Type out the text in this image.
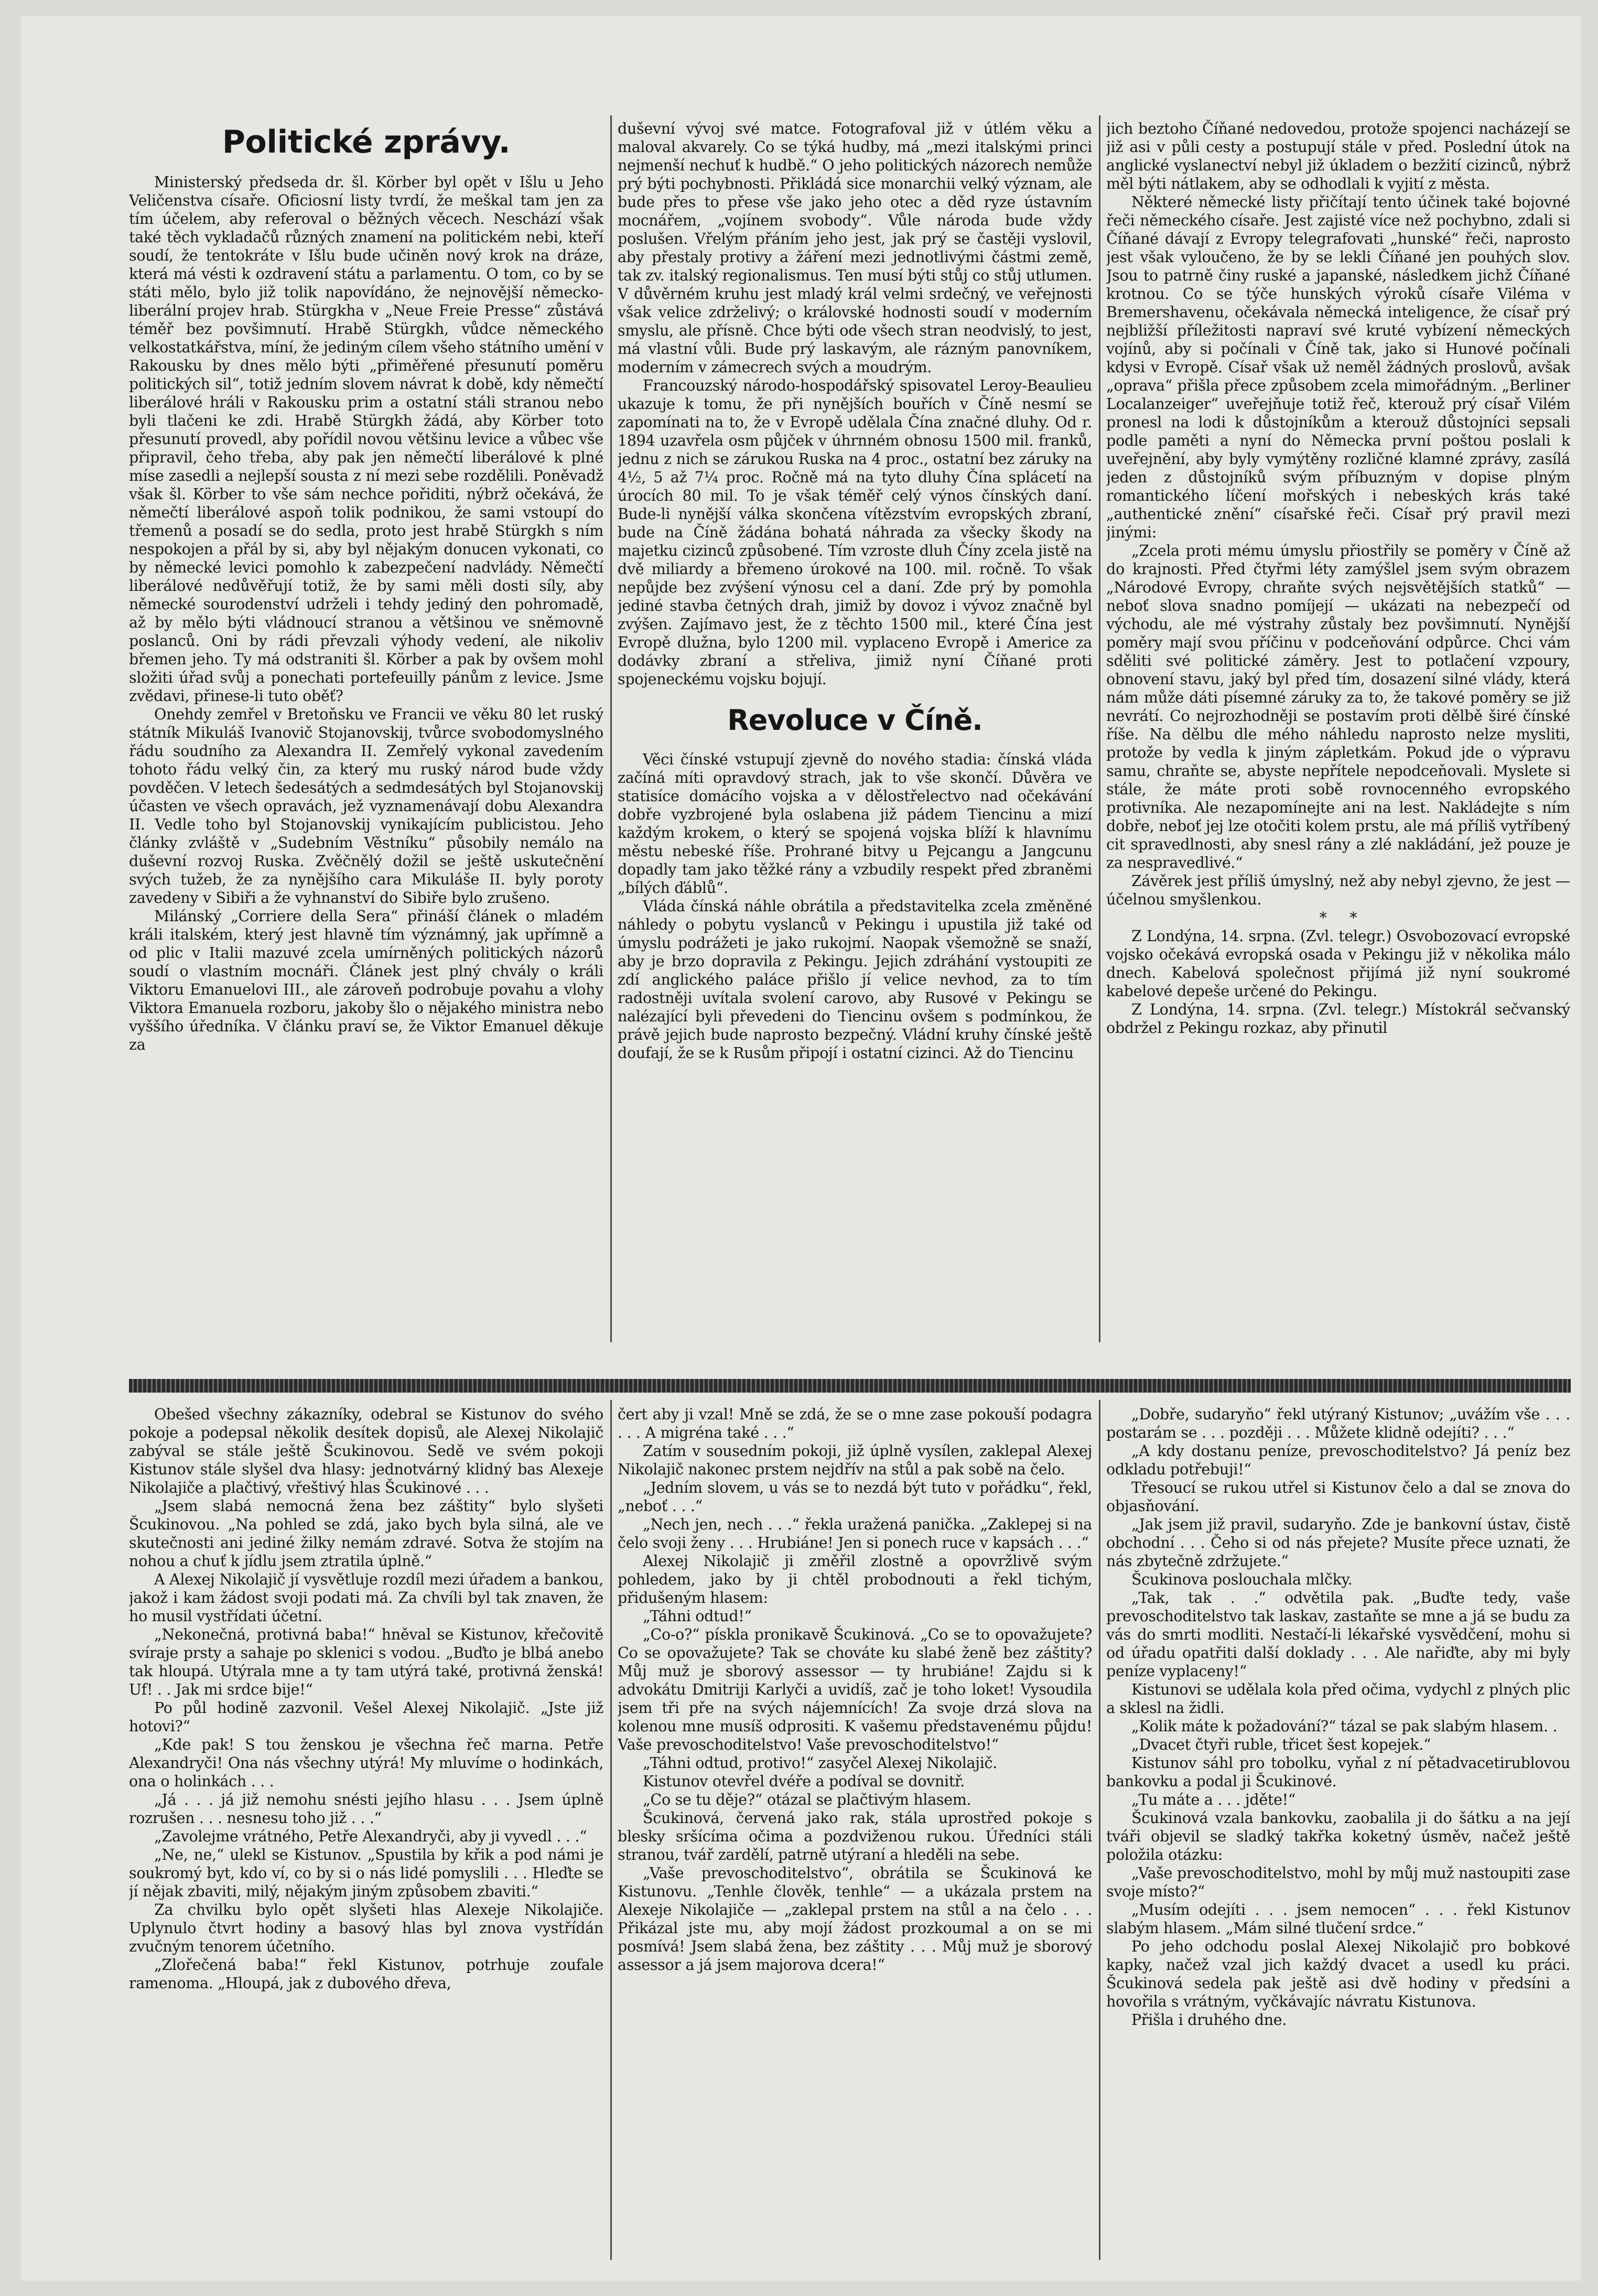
Politické zprávy.

Ministerský předseda dr. šl. Körber byl opět v Išlu u Jeho Veličenstva císaře. Oficiosní listy tvrdí, že meškal tam jen za tím účelem, aby referoval o běžných věcech. Neschází však také těch vykladačů různých znamení na politickém nebi, kteří soudí, že tentokráte v Išlu bude učiněn nový krok na dráze, která má vésti k ozdravení státu a parlamentu. O tom, co by se státi mělo, bylo již tolik napovídáno, že nejnovější německo-liberální projev hrab. Stürgkha v „Neue Freie Presse“ zůstává téměř bez povšimnutí. Hrabě Stürgkh, vůdce německého velkostatkářstva, míní, že jediným cílem všeho státního umění v Rakousku by dnes mělo býti „přiměřené přesunutí poměru politických sil“, totiž jedním slovem návrat k době, kdy němečtí liberálové hráli v Rakousku prim a ostatní stáli stranou nebo byli tlačeni ke zdi. Hrabě Stürgkh žádá, aby Körber toto přesunutí provedl, aby pořídil novou většinu levice a vůbec vše připravil, čeho třeba, aby pak jen němečtí liberálové k plné míse zasedli a nejlepší sousta z ní mezi sebe rozdělili. Poněvadž však šl. Körber to vše sám nechce pořiditi, nýbrž očekává, že němečtí liberálové aspoň tolik podnikou, že sami vstoupí do třemenů a posadí se do sedla, proto jest hrabě Stürgkh s ním nespokojen a přál by si, aby byl nějakým donucen vykonati, co by německé levici pomohlo k zabezpečení nadvlády. Němečtí liberálové nedůvěřují totiž, že by sami měli dosti síly, aby německé sourodenství udrželi i tehdy jediný den pohromadě, až by mělo býti vládnoucí stranou a většinou ve sněmovně poslanců. Oni by rádi převzali výhody vedení, ale nikoliv břemen jeho. Ty má odstraniti šl. Körber a pak by ovšem mohl složiti úřad svůj a ponechati portefeuilly pánům z levice. Jsme zvědavi, přinese-li tuto oběť?

Onehdy zemřel v Bretoňsku ve Francii ve věku 80 let ruský státník Mikuláš Ivanovič Stojanovskij, tvůrce svobodomyslného řádu soudního za Alexandra II. Zemřelý vykonal zavedením tohoto řádu velký čin, za který mu ruský národ bude vždy povděčen. V letech šedesátých a sedmdesátých byl Stojanovskij účasten ve všech opravách, jež vyznamenávají dobu Alexandra II. Vedle toho byl Stojanovskij vynikajícím publicistou. Jeho články zvláště v „Sudebním Věstníku“ působily nemálo na duševní rozvoj Ruska. Zvěčnělý dožil se ještě uskutečnění svých tužeb, že za nynějšího cara Mikuláše II. byly poroty zavedeny v Sibiři a že vyhnanství do Sibiře bylo zrušeno.

Milánský „Corriere della Sera“ přináší článek o mladém králi italském, který jest hlavně tím význámný, jak upřímně a od plic v Italii mazuvé zcela umírněných politických názorů soudí o vlastním mocnáři. Článek jest plný chvály o králi Viktoru Emanuelovi III., ale zároveň podrobuje povahu a vlohy Viktora Emanuela rozboru, jakoby šlo o nějakého ministra nebo vyššího úředníka. V článku praví se, že Viktor Emanuel děkuje za

duševní vývoj své matce. Fotografoval již v útlém věku a maloval akvarely. Co se týká hudby, má „mezi italskými princi nejmenší nechuť k hudbě.“ O jeho politických názorech nemůže prý býti pochybnosti. Přikládá sice monarchii velký význam, ale bude přes to přese vše jako jeho otec a děd ryze ústavním mocnářem, „vojínem svobody“. Vůle národa bude vždy poslušen. Vřelým přáním jeho jest, jak prý se častěji vyslovil, aby přestaly protivy a žáření mezi jednotlivými částmi země, tak zv. italský regionalismus. Ten musí býti stůj co stůj utlumen. V důvěrném kruhu jest mladý král velmi srdečný, ve veřejnosti však velice zdrželivý; o královské hodnosti soudí v moderním smyslu, ale přísně. Chce býti ode všech stran neodvislý, to jest, má vlastní vůli. Bude prý laskavým, ale rázným panovníkem, moderním v zámecrech svých a moudrým.

Francouzský národo-hospodářský spisovatel Leroy-Beaulieu ukazuje k tomu, že při nynějších bouřích v Číně nesmí se zapomínati na to, že v Evropě udělala Čína značné dluhy. Od r. 1894 uzavřela osm půjček v úhrnném obnosu 1500 mil. franků, jednu z nich se zárukou Ruska na 4 proc., ostatní bez záruky na 4½, 5 až 7¼ proc. Ročně má na tyto dluhy Čína splácetí na úrocích 80 mil. To je však téměř celý výnos čínských daní. Bude-li nynější válka skončena vítězstvím evropských zbraní, bude na Číně žádána bohatá náhrada za všecky škody na majetku cizinců způsobené. Tím vzroste dluh Číny zcela jistě na dvě miliardy a břemeno úrokové na 100. mil. ročně. To však nepůjde bez zvýšení výnosu cel a daní. Zde prý by pomohla jediné stavba četných drah, jimiž by dovoz i vývoz značně byl zvýšen. Zajímavo jest, že z těchto 1500 mil., které Čína jest Evropě dlužna, bylo 1200 mil. vyplaceno Evropě i Americe za dodávky zbraní a střeliva, jimiž nyní Číňané proti spojeneckému vojsku bojují.

Revoluce v Číně.

Věci čínské vstupují zjevně do nového stadia: čínská vláda začíná míti opravdový strach, jak to vše skončí. Důvěra ve statisíce domácího vojska a v dělostřelectvo nad očekávání dobře vyzbrojené byla oslabena již pádem Tiencinu a mizí každým krokem, o který se spojená vojska blíží k hlavnímu městu nebeské říše. Prohrané bitvy u Pejcangu a Jangcunu dopadly tam jako těžké rány a vzbudily respekt před zbraněmi „bílých ďáblů“.

Vláda čínská náhle obrátila a představitelka zcela změněné náhledy o pobytu vyslanců v Pekingu i upustila již také od úmyslu podrážeti je jako rukojmí. Naopak všemožně se snaží, aby je brzo dopravila z Pekingu. Jejich zdráhání vystoupiti ze zdí anglického paláce přišlo jí velice nevhod, za to tím radostněji uvítala svolení carovo, aby Rusové v Pekingu se nalézající byli převedeni do Tiencinu ovšem s podmínkou, že právě jejich bude naprosto bezpečný. Vládní kruhy čínské ještě doufají, že se k Rusům připojí i ostatní cizinci. Až do Tiencinu

jich beztoho Číňané nedovedou, protože spojenci nacházejí se již asi v půli cesty a postupují stále v před. Poslední útok na anglické vyslanectví nebyl již úkladem o bezžití cizinců, nýbrž měl býti nátlakem, aby se odhodlali k vyjití z města.

Některé německé listy přičítají tento účinek také bojovné řeči německého císaře. Jest zajisté více než pochybno, zdali si Číňané dávají z Evropy telegrafovati „hunské“ řeči, naprosto jest však vyloučeno, že by se lekli Číňané jen pouhých slov. Jsou to patrně činy ruské a japanské, následkem jichž Číňané krotnou. Co se týče hunských výroků císaře Viléma v Bremershavenu, očekávala německá inteligence, že císař prý nejbližší příležitosti napraví své kruté vybízení německých vojínů, aby si počínali v Číně tak, jako si Hunové počínali kdysi v Evropě. Císař však už neměl žádných proslovů, avšak „oprava“ přišla přece způsobem zcela mimořádným. „Berliner Localanzeiger“ uveřejňuje totiž řeč, kterouž prý císař Vilém pronesl na lodi k důstojníkům a kterouž důstojníci sepsali podle paměti a nyní do Německa první poštou poslali k uveřejnění, aby byly vymýtěny rozličné klamné zprávy, zasílá jeden z důstojníků svým příbuzným v dopise plným romantického líčení mořských i nebeských krás také „authentické znění“ císařské řeči. Císař prý pravil mezi jinými:

„Zcela proti mému úmyslu přiostřily se poměry v Číně až do krajnosti. Před čtyřmi léty zamýšlel jsem svým obrazem „Národové Evropy, chraňte svých nejsvětějších statků“ — neboť slova snadno pomíjejí — ukázati na nebezpečí od východu, ale mé výstrahy zůstaly bez povšimnutí. Nynější poměry mají svou příčinu v podceňování odpůrce. Chci vám sděliti své politické záměry. Jest to potlačení vzpoury, obnovení stavu, jaký byl před tím, dosazení silné vlády, která nám může dáti písemné záruky za to, že takové poměry se již nevrátí. Co nejrozhodněji se postavím proti dělbě širé čínské říše. Na dělbu dle mého náhledu naprosto nelze mysliti, protože by vedla k jiným zápletkám. Pokud jde o výpravu samu, chraňte se, abyste nepřítele nepodceňovali. Myslete si stále, že máte proti sobě rovnocenného evropského protivníka. Ale nezapomínejte ani na lest. Nakládejte s ním dobře, neboť jej lze otočiti kolem prstu, ale má příliš vytříbený cit spravedlnosti, aby snesl rány a zlé nakládání, jež pouze je za nespravedlivé.“

Závěrek jest příliš úmyslný, než aby nebyl zjevno, že jest — účelnou smyšlenkou.

*     *

Z Londýna, 14. srpna. (Zvl. telegr.) Osvobozovací evropské vojsko očekává evropská osada v Pekingu již v několika málo dnech. Kabelová společnost přijímá již nyní soukromé kabelové depeše určené do Pekingu.

Z Londýna, 14. srpna. (Zvl. telegr.) Místokrál sečvanský obdržel z Pekingu rozkaz, aby přinutil

Obešed všechny zákazníky, odebral se Kistunov do svého pokoje a podepsal několik desítek dopisů, ale Alexej Nikolajič zabýval se stále ještě Šcukinovou. Sedě ve svém pokoji Kistunov stále slyšel dva hlasy: jednotvárný klidný bas Alexeje Nikolajiče a plačtivý, vřeštivý hlas Šcukinové . . .

„Jsem slabá nemocná žena bez záštity“ bylo slyšeti Šcukinovou. „Na pohled se zdá, jako bych byla silná, ale ve skutečnosti ani jediné žilky nemám zdravé. Sotva že stojím na nohou a chuť k jídlu jsem ztratila úplně.“

A Alexej Nikolajič jí vysvětluje rozdíl mezi úřadem a bankou, jakož i kam žádost svoji podati má. Za chvíli byl tak znaven, že ho musil vystřídati účetní.

„Nekonečná, protivná baba!“ hněval se Kistunov, křečovitě svíraje prsty a sahaje po sklenici s vodou. „Buďto je blbá anebo tak hloupá. Utýrala mne a ty tam utýrá také, protivná ženská! Uf! . . Jak mi srdce bije!“

Po půl hodině zazvonil. Vešel Alexej Nikolajič. „Jste již hotovi?“

„Kde pak! S tou ženskou je všechna řeč marna. Petře Alexandryči! Ona nás všechny utýrá! My mluvíme o hodinkách, ona o holinkách . . .

„Já . . . já již nemohu snésti jejího hlasu . . . Jsem úplně rozrušen . . . nesnesu toho již . . .“

„Zavolejme vrátného, Petře Alexandryči, aby ji vyvedl . . .“

„Ne, ne,“ ulekl se Kistunov. „Spustila by křik a pod námi je soukromý byt, kdo ví, co by si o nás lidé pomyslili . . . Hleďte se jí nějak zbaviti, milý, nějakým jiným způsobem zbaviti.“

Za chvilku bylo opět slyšeti hlas Alexeje Nikolajiče. Uplynulo čtvrt hodiny a basový hlas byl znova vystřídán zvučným tenorem účetního.

„Zlořečená baba!“ řekl Kistunov, potrhuje zoufale ramenoma. „Hloupá, jak z dubového dřeva,

čert aby ji vzal! Mně se zdá, že se o mne zase pokouší podagra . . . A migréna také . . .“

Zatím v sousedním pokoji, již úplně vysílen, zaklepal Alexej Nikolajič nakonec prstem nejdřív na stůl a pak sobě na čelo.

„Jedním slovem, u vás se to nezdá být tuto v pořádku“, řekl, „neboť . . .“

„Nech jen, nech . . .“ řekla uražená panička. „Zaklepej si na čelo svoji ženy . . . Hrubiáne! Jen si ponech ruce v kapsách . . .“

Alexej Nikolajič ji změřil zlostně a opovržlivě svým pohledem, jako by ji chtěl probodnouti a řekl tichým, přidušeným hlasem:

„Táhni odtud!“

„Co-o?“ pískla pronikavě Šcukinová. „Co se to opovažujete? Co se opovažujete? Tak se chováte ku slabé ženě bez záštity? Můj muž je sborový assessor — ty hrubiáne! Zajdu si k advokátu Dmitriji Karlyči a uvidíš, zač je toho loket! Vysoudila jsem tři pře na svých nájemnících! Za svoje drzá slova na kolenou mne musíš odprositi. K vašemu představenému půjdu! Vaše prevoschoditelstvo! Vaše prevoschoditelstvo!“

„Táhni odtud, protivo!“ zasyčel Alexej Nikolajič.

Kistunov otevřel dvéře a podíval se dovnitř.

„Co se tu děje?“ otázal se plačtivým hlasem.

Šcukinová, červená jako rak, stála uprostřed pokoje s blesky sršícíma očima a pozdviženou rukou. Úředníci stáli stranou, tvář zardělí, patrně utýraní a hleděli na sebe.

„Vaše prevoschoditelstvo“, obrátila se Šcukinová ke Kistunovu. „Tenhle člověk, tenhle“ — a ukázala prstem na Alexeje Nikolajiče — „zaklepal prstem na stůl a na čelo . . . Přikázal jste mu, aby mojí žádost prozkoumal a on se mi posmívá! Jsem slabá žena, bez záštity . . . Můj muž je sborový assessor a já jsem majorova dcera!“

„Dobře, sudaryňo“ řekl utýraný Kistunov; „uvážím vše . . . postarám se . . . později . . . Můžete klidně odejíti? . . .“

„A kdy dostanu peníze, prevoschoditelstvo? Já peníz bez odkladu potřebuji!“

Třesoucí se rukou utřel si Kistunov čelo a dal se znova do objasňování.

„Jak jsem již pravil, sudaryňo. Zde je bankovní ústav, čistě obchodní . . . Čeho si od nás přejete? Musíte přece uznati, že nás zbytečně zdržujete.“

Šcukinova poslouchala mlčky.

„Tak, tak . .“ odvětila pak. „Buďte tedy, vaše prevoschoditelstvo tak laskav, zastaňte se mne a já se budu za vás do smrti modliti. Nestačí-li lékařské vysvědčení, mohu si od úřadu opatřiti další doklady . . . Ale nařiďte, aby mi byly peníze vyplaceny!“

Kistunovi se udělala kola před očima, vydychl z plných plic a sklesl na židli.

„Kolik máte k požadování?“ tázal se pak slabým hlasem. .

„Dvacet čtyři ruble, třicet šest kopejek.“

Kistunov sáhl pro tobolku, vyňal z ní pětadvacetirublovou bankovku a podal ji Šcukinové.

„Tu máte a . . . jděte!“

Šcukinová vzala bankovku, zaobalila ji do šátku a na její tváři objevil se sladký takřka koketný úsměv, načež ještě položila otázku:

„Vaše prevoschoditelstvo, mohl by můj muž nastoupiti zase svoje místo?“

„Musím odejíti . . . jsem nemocen“ . . . řekl Kistunov slabým hlasem. „Mám silné tlučení srdce.“

Po jeho odchodu poslal Alexej Nikolajič pro bobkové kapky, načež vzal jich každý dvacet a usedl ku práci. Šcukinová sedela pak ještě asi dvě hodiny v předsíni a hovořila s vrátným, vyčkávajíc návratu Kistunova.

Přišla i druhého dne.
